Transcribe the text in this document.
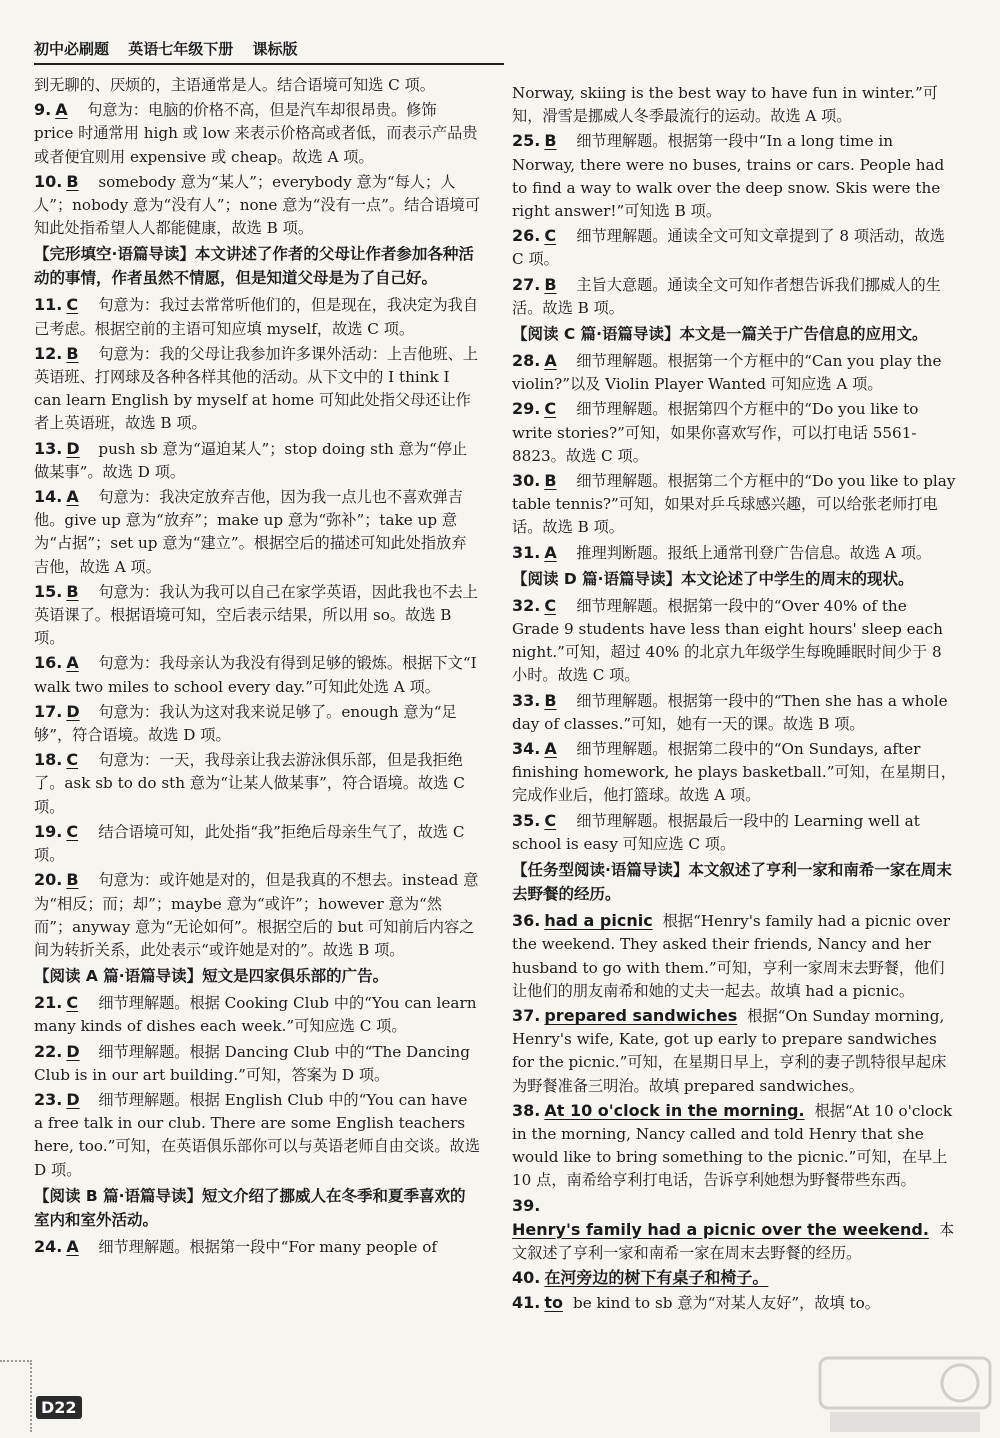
初中必刷题 英语七年级下册 课标版
到无聊的、厌烦的，主语通常是人。结合语境可知选 C 项。
9. A 句意为：电脑的价格不高，但是汽车却很昂贵。修饰 price 时通常用 high 或 low 来表示价格高或者低，而表示产品贵或者便宜则用 expensive 或 cheap。故选 A 项。
10. B somebody 意为“某人”；everybody 意为“每人；人人”；nobody 意为“没有人”；none 意为“没有一点”。结合语境可知此处指希望人人都能健康，故选 B 项。
【完形填空·语篇导读】本文讲述了作者的父母让作者参加各种活动的事情，作者虽然不情愿，但是知道父母是为了自己好。
11. C 句意为：我过去常常听他们的，但是现在，我决定为我自己考虑。根据空前的主语可知应填 myself，故选 C 项。
12. B 句意为：我的父母让我参加许多课外活动：上吉他班、上英语班、打网球及各种各样其他的活动。从下文中的 I think I can learn English by myself at home 可知此处指父母还让作者上英语班，故选 B 项。
13. D push sb 意为“逼迫某人”；stop doing sth 意为“停止做某事”。故选 D 项。
14. A 句意为：我决定放弃吉他，因为我一点儿也不喜欢弹吉他。give up 意为“放弃”；make up 意为“弥补”；take up 意为“占据”；set up 意为“建立”。根据空后的描述可知此处指放弃吉他，故选 A 项。
15. B 句意为：我认为我可以自己在家学英语，因此我也不去上英语课了。根据语境可知，空后表示结果，所以用 so。故选 B 项。
16. A 句意为：我母亲认为我没有得到足够的锻炼。根据下文“I walk two miles to school every day.”可知此处选 A 项。
17. D 句意为：我认为这对我来说足够了。enough 意为“足够”，符合语境。故选 D 项。
18. C 句意为：一天，我母亲让我去游泳俱乐部，但是我拒绝了。ask sb to do sth 意为“让某人做某事”，符合语境。故选 C 项。
19. C 结合语境可知，此处指“我”拒绝后母亲生气了，故选 C 项。
20. B 句意为：或许她是对的，但是我真的不想去。instead 意为“相反；而；却”；maybe 意为“或许”；however 意为“然而”；anyway 意为“无论如何”。根据空后的 but 可知前后内容之间为转折关系，此处表示“或许她是对的”。故选 B 项。
【阅读 A 篇·语篇导读】短文是四家俱乐部的广告。
21. C 细节理解题。根据 Cooking Club 中的“You can learn many kinds of dishes each week.”可知应选 C 项。
22. D 细节理解题。根据 Dancing Club 中的“The Dancing Club is in our art building.”可知，答案为 D 项。
23. D 细节理解题。根据 English Club 中的“You can have a free talk in our club. There are some English teachers here, too.”可知，在英语俱乐部你可以与英语老师自由交谈。故选 D 项。
【阅读 B 篇·语篇导读】短文介绍了挪威人在冬季和夏季喜欢的室内和室外活动。
24. A 细节理解题。根据第一段中“For many people of
Norway, skiing is the best way to have fun in winter.”可知，滑雪是挪威人冬季最流行的运动。故选 A 项。
25. B 细节理解题。根据第一段中“In a long time in Norway, there were no buses, trains or cars. People had to find a way to walk over the deep snow. Skis were the right answer!”可知选 B 项。
26. C 细节理解题。通读全文可知文章提到了 8 项活动，故选 C 项。
27. B 主旨大意题。通读全文可知作者想告诉我们挪威人的生活。故选 B 项。
【阅读 C 篇·语篇导读】本文是一篇关于广告信息的应用文。
28. A 细节理解题。根据第一个方框中的“Can you play the violin?”以及 Violin Player Wanted 可知应选 A 项。
29. C 细节理解题。根据第四个方框中的“Do you like to write stories?”可知，如果你喜欢写作，可以打电话 5561-8823。故选 C 项。
30. B 细节理解题。根据第二个方框中的“Do you like to play table tennis?”可知，如果对乒乓球感兴趣，可以给张老师打电话。故选 B 项。
31. A 推理判断题。报纸上通常刊登广告信息。故选 A 项。
【阅读 D 篇·语篇导读】本文论述了中学生的周末的现状。
32. C 细节理解题。根据第一段中的“Over 40% of the Grade 9 students have less than eight hours' sleep each night.”可知，超过 40% 的北京九年级学生每晚睡眠时间少于 8 小时。故选 C 项。
33. B 细节理解题。根据第一段中的“Then she has a whole day of classes.”可知，她有一天的课。故选 B 项。
34. A 细节理解题。根据第二段中的“On Sundays, after finishing homework, he plays basketball.”可知，在星期日，完成作业后，他打篮球。故选 A 项。
35. C 细节理解题。根据最后一段中的 Learning well at school is easy 可知应选 C 项。
【任务型阅读·语篇导读】本文叙述了亨利一家和南希一家在周末去野餐的经历。
36. had a picnic 根据“Henry's family had a picnic over the weekend. They asked their friends, Nancy and her husband to go with them.”可知，亨利一家周末去野餐，他们让他们的朋友南希和她的丈夫一起去。故填 had a picnic。
37. prepared sandwiches 根据“On Sunday morning, Henry's wife, Kate, got up early to prepare sandwiches for the picnic.”可知，在星期日早上，亨利的妻子凯特很早起床为野餐准备三明治。故填 prepared sandwiches。
38. At 10 o'clock in the morning. 根据“At 10 o'clock in the morning, Nancy called and told Henry that she would like to bring something to the picnic.”可知，在早上 10 点，南希给亨利打电话，告诉亨利她想为野餐带些东西。
39.Henry's family had a picnic over the weekend. 本文叙述了亨利一家和南希一家在周末去野餐的经历。
40. 在河旁边的树下有桌子和椅子。
41. to be kind to sb 意为“对某人友好”，故填 to。
D22
